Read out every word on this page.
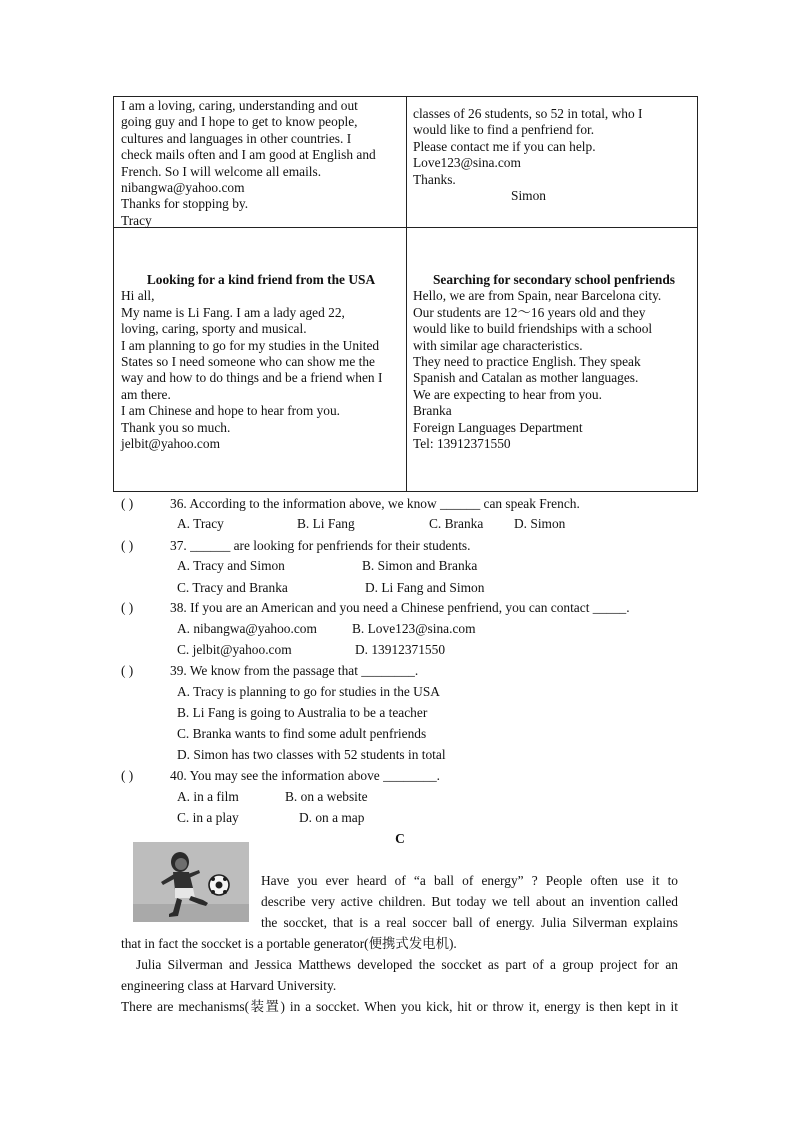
I am a loving, caring, understanding and out
going guy and I hope to get to know people,
cultures and languages in other countries. I
check mails often and I am good at English and
French. So I will welcome all emails.
nibangwa@yahoo.com
Thanks for stopping by.
Tracy
classes of 26 students, so 52 in total, who I
would like to find a penfriend for.
Please contact me if you can help.
Love123@sina.com
Thanks.
Simon
Looking for a kind friend from the USA
Hi all,
My name is Li Fang. I am a lady aged 22,
loving, caring, sporty and musical.
I am planning to go for my studies in the United
States so I need someone who can show me the
way and how to do things and be a friend when I
am there.
I am Chinese and hope to hear from you.
Thank you so much.
jelbit@yahoo.com
Searching for secondary school penfriends
Hello, we are from Spain, near Barcelona city.
Our students are 12～16 years old and they
would like to build friendships with a school
with similar age characteristics.
They need to practice English. They speak
Spanish and Catalan as mother languages.
We are expecting to hear from you.
Branka
Foreign Languages Department
Tel: 13912371550
( )	36. According to the information above, we know ______ can speak French.
A. Tracy	B. Li Fang	C. Branka D. Simon
( )	37. ______ are looking for penfriends for their students.
A. Tracy and Simon	B. Simon and Branka
C. Tracy and Branka	D. Li Fang and Simon
( )	38. If you are an American and you need a Chinese penfriend, you can contact _____.
A. nibangwa@yahoo.com	B. Love123@sina.com
C. jelbit@yahoo.com	D. 13912371550
( )	39. We know from the passage that ________.
A. Tracy is planning to go for studies in the USA
B. Li Fang is going to Australia to be a teacher
C. Branka wants to find some adult penfriends
D. Simon has two classes with 52 students in total
( )	40. You may see the information above ________.
A. in a film	B. on a website
C. in a play	D. on a map
C
Have you ever heard of “a ball of energy” ? People often use it to
describe very active children. But today we tell about an invention called
the soccket, that is a real soccer ball of energy. Julia Silverman explains
that in fact the soccket is a portable generator(便携式发电机).
Julia Silverman and Jessica Matthews developed the soccket as part of a group project for an
engineering class at Harvard University.
There are mechanisms(装置) in a soccket. When you kick, hit or throw it, energy is then kept in it
